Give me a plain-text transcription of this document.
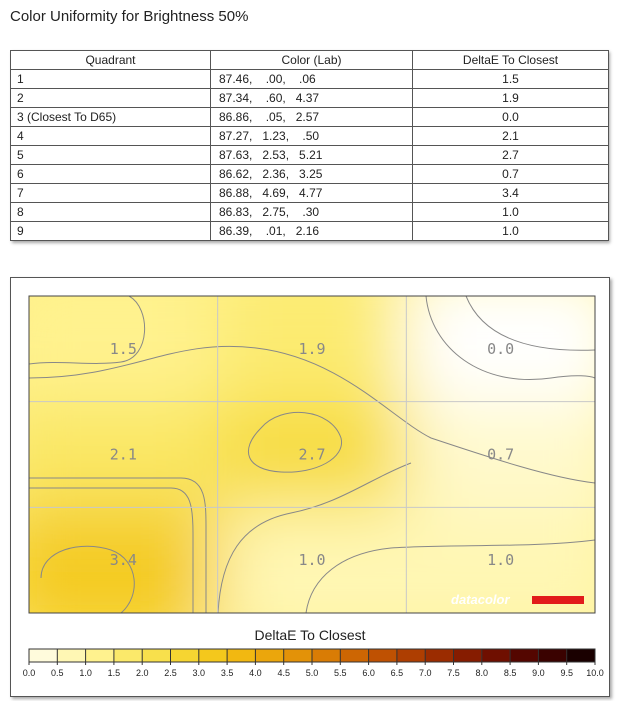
Color Uniformity for Brightness 50%
Quadrant	Color (Lab)	DeltaE To Closest
1	87.46,    .00,    .06	1.5
2	87.34,    .60,   4.37	1.9
3 (Closest To D65)	86.86,    .05,   2.57	0.0
4	87.27,   1.23,    .50	2.1
5	87.63,   2.53,   5.21	2.7
6	86.62,   2.36,   3.25	0.7
7	86.88,   4.69,   4.77	3.4
8	86.83,   2.75,    .30	1.0
9	86.39,    .01,   2.16	1.0
1.5	1.9	0.0
2.1	2.7	0.7
3.4	1.0	1.0
datacolor
DeltaE To Closest
0.0 0.5 1.0 1.5 2.0 2.5 3.0 3.5 4.0 4.5 5.0 5.5 6.0 6.5 7.0 7.5 8.0 8.5 9.0 9.5 10.0
